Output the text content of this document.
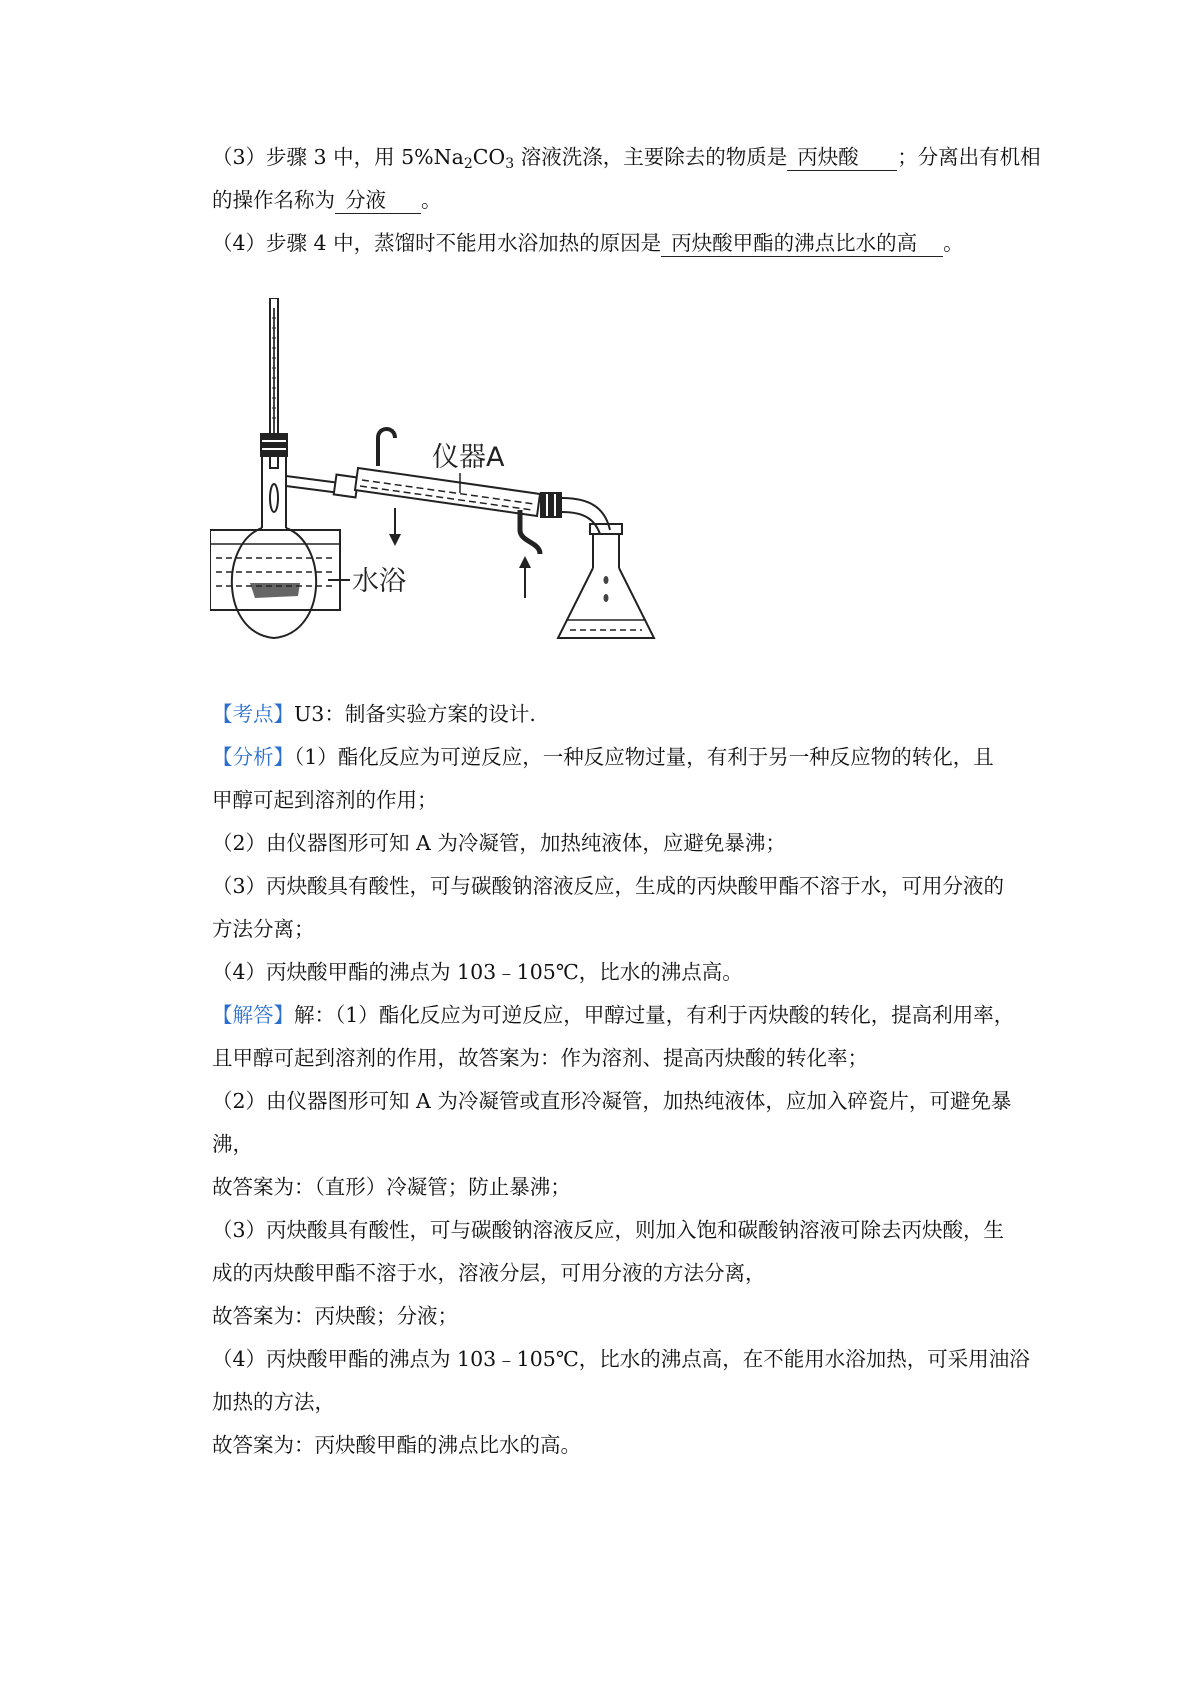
（3）步骤 3 中，用 $5\%Na_2CO_3$ 溶液洗涤，主要除去的物质是 丙炔酸 ；分离出有机相
的操作名称为 分液 。
（4）步骤 4 中，蒸馏时不能用水浴加热的原因是 丙炔酸甲酯的沸点比水的高 。
水浴
仪器A
【考点】U3：制备实验方案的设计.
【分析】（1）酯化反应为可逆反应，一种反应物过量，有利于另一种反应物的转化，且
甲醇可起到溶剂的作用；
（2）由仪器图形可知 A 为冷凝管，加热纯液体，应避免暴沸；
（3）丙炔酸具有酸性，可与碳酸钠溶液反应，生成的丙炔酸甲酯不溶于水，可用分液的
方法分离；
（4）丙炔酸甲酯的沸点为 103﹣105℃，比水的沸点高。
【解答】解：（1）酯化反应为可逆反应，甲醇过量，有利于丙炔酸的转化，提高利用率，
且甲醇可起到溶剂的作用，故答案为：作为溶剂、提高丙炔酸的转化率；
（2）由仪器图形可知 A 为冷凝管或直形冷凝管，加热纯液体，应加入碎瓷片，可避免暴
沸，
故答案为：（直形）冷凝管；防止暴沸；
（3）丙炔酸具有酸性，可与碳酸钠溶液反应，则加入饱和碳酸钠溶液可除去丙炔酸，生
成的丙炔酸甲酯不溶于水，溶液分层，可用分液的方法分离，
故答案为：丙炔酸；分液；
（4）丙炔酸甲酯的沸点为 103﹣105℃，比水的沸点高，在不能用水浴加热，可采用油浴
加热的方法，
故答案为：丙炔酸甲酯的沸点比水的高。
